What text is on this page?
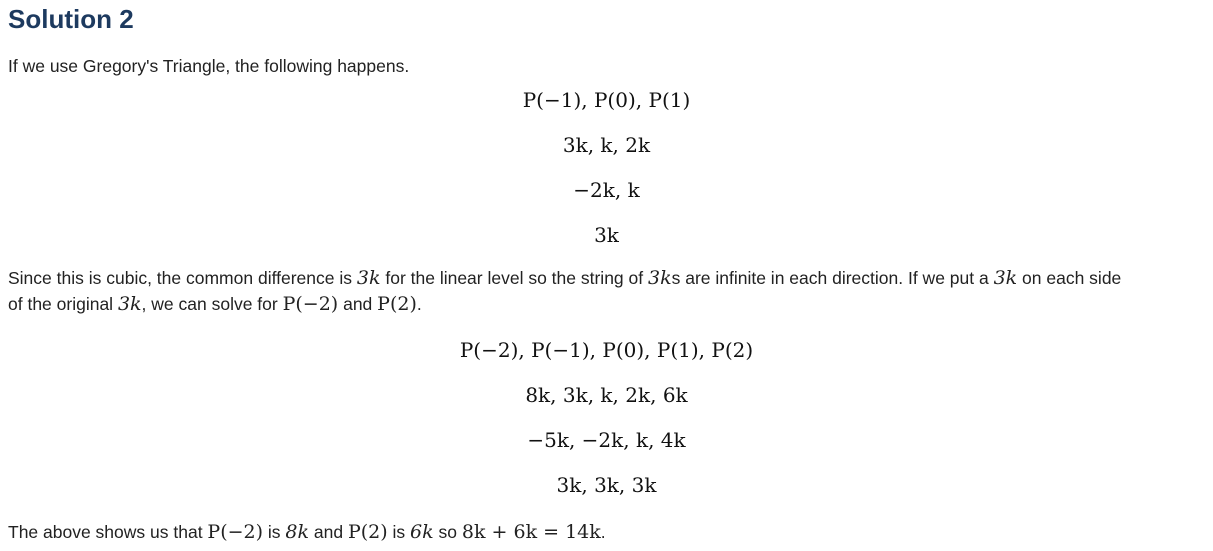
Solution 2
If we use Gregory's Triangle, the following happens.
P(−1), P(0), P(1)
3k, k, 2k
−2k, k
3k
Since this is cubic, the common difference is 3k for the linear level so the string of 3ks are infinite in each direction. If we put a 3k on each side
of the original 3k, we can solve for P(−2) and P(2).
P(−2), P(−1), P(0), P(1), P(2)
8k, 3k, k, 2k, 6k
−5k, −2k, k, 4k
3k, 3k, 3k
The above shows us that P(−2) is 8k and P(2) is 6k so 8k + 6k = 14k.
